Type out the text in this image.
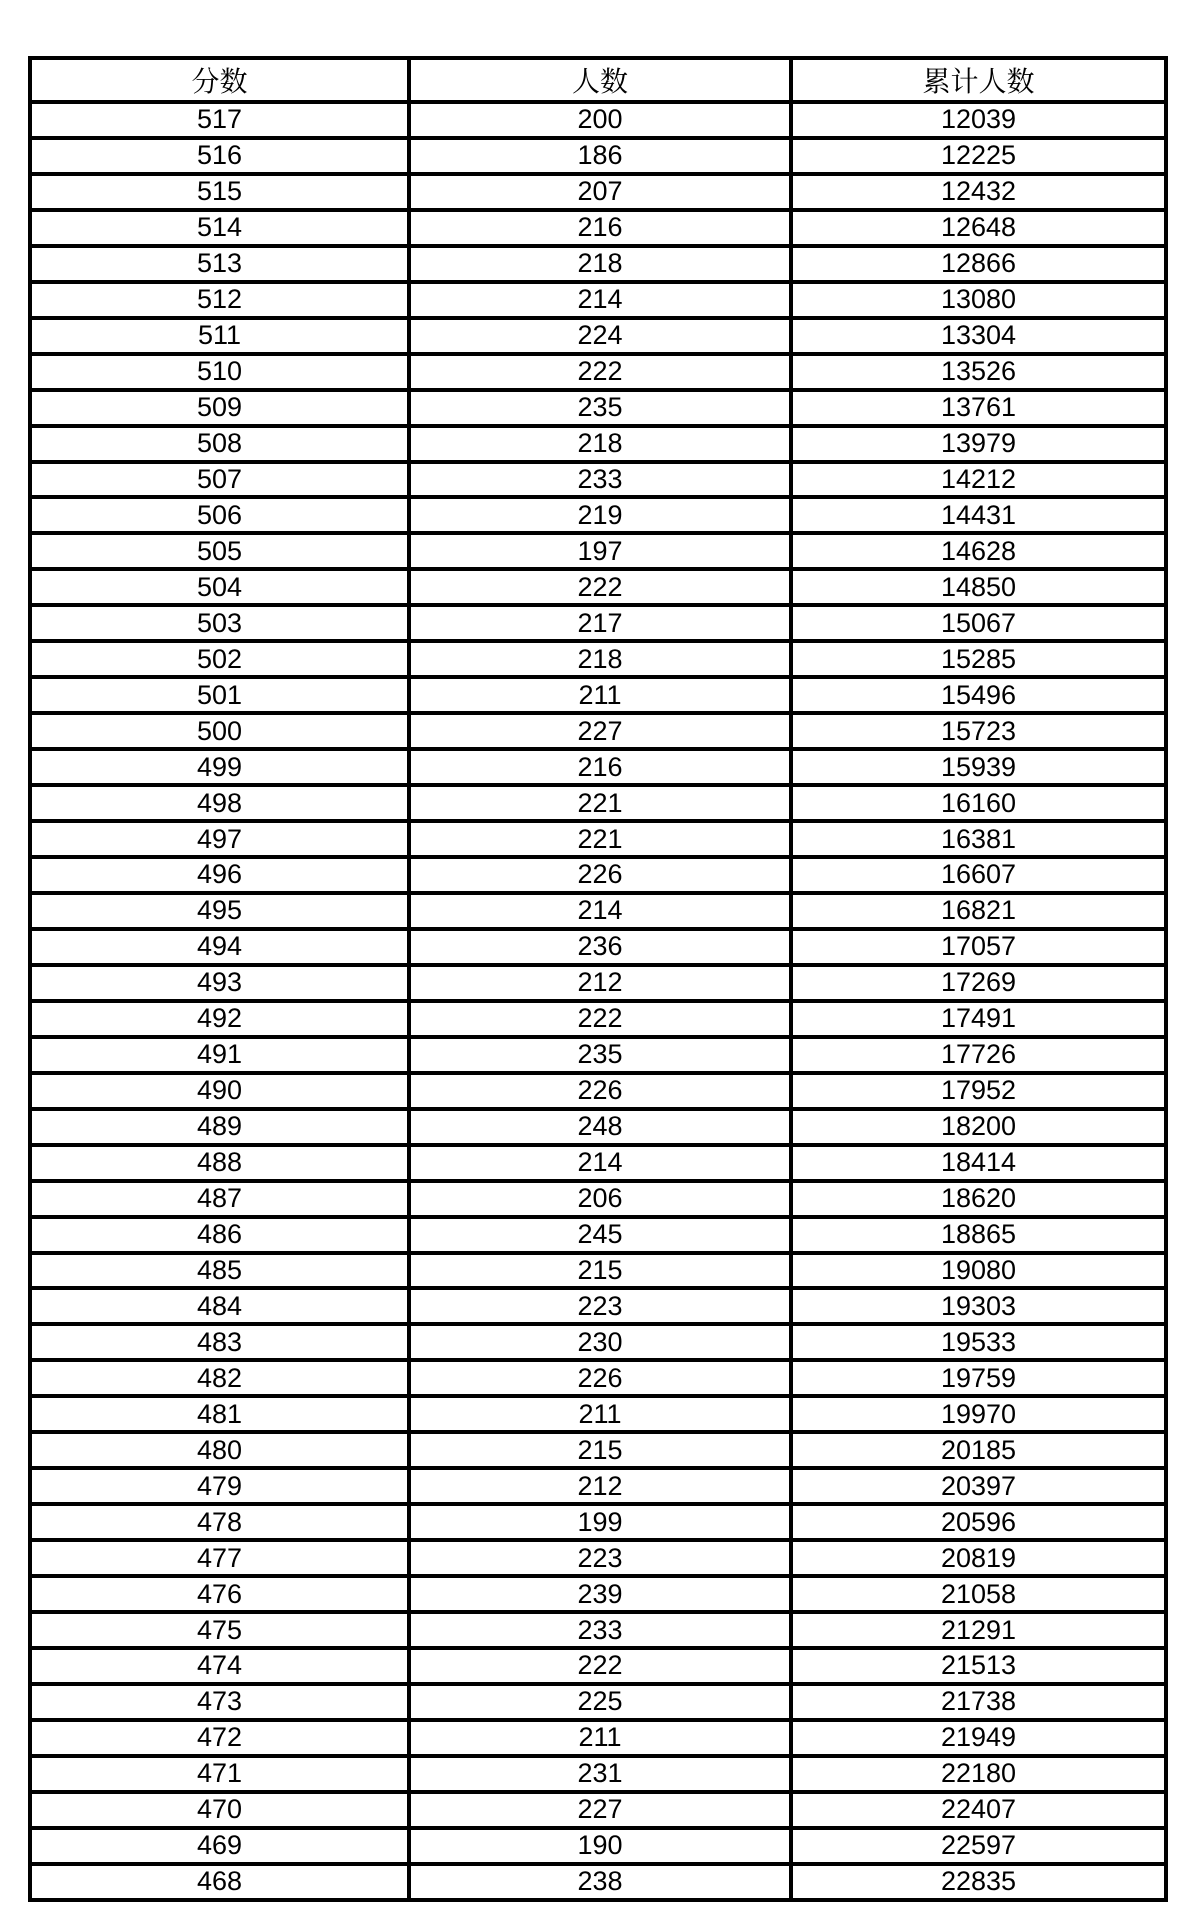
分数	人数	累计人数
517	200	12039
516	186	12225
515	207	12432
514	216	12648
513	218	12866
512	214	13080
511	224	13304
510	222	13526
509	235	13761
508	218	13979
507	233	14212
506	219	14431
505	197	14628
504	222	14850
503	217	15067
502	218	15285
501	211	15496
500	227	15723
499	216	15939
498	221	16160
497	221	16381
496	226	16607
495	214	16821
494	236	17057
493	212	17269
492	222	17491
491	235	17726
490	226	17952
489	248	18200
488	214	18414
487	206	18620
486	245	18865
485	215	19080
484	223	19303
483	230	19533
482	226	19759
481	211	19970
480	215	20185
479	212	20397
478	199	20596
477	223	20819
476	239	21058
475	233	21291
474	222	21513
473	225	21738
472	211	21949
471	231	22180
470	227	22407
469	190	22597
468	238	22835
